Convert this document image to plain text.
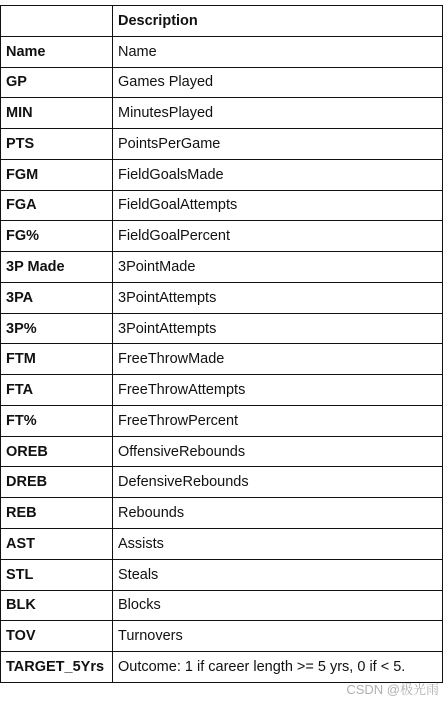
	Description
Name	Name
GP	Games Played
MIN	MinutesPlayed
PTS	PointsPerGame
FGM	FieldGoalsMade
FGA	FieldGoalAttempts
FG%	FieldGoalPercent
3P Made	3PointMade
3PA	3PointAttempts
3P%	3PointAttempts
FTM	FreeThrowMade
FTA	FreeThrowAttempts
FT%	FreeThrowPercent
OREB	OffensiveRebounds
DREB	DefensiveRebounds
REB	Rebounds
AST	Assists
STL	Steals
BLK	Blocks
TOV	Turnovers
TARGET_5Yrs	Outcome: 1 if career length >= 5 yrs, 0 if < 5.
CSDN @极光雨
